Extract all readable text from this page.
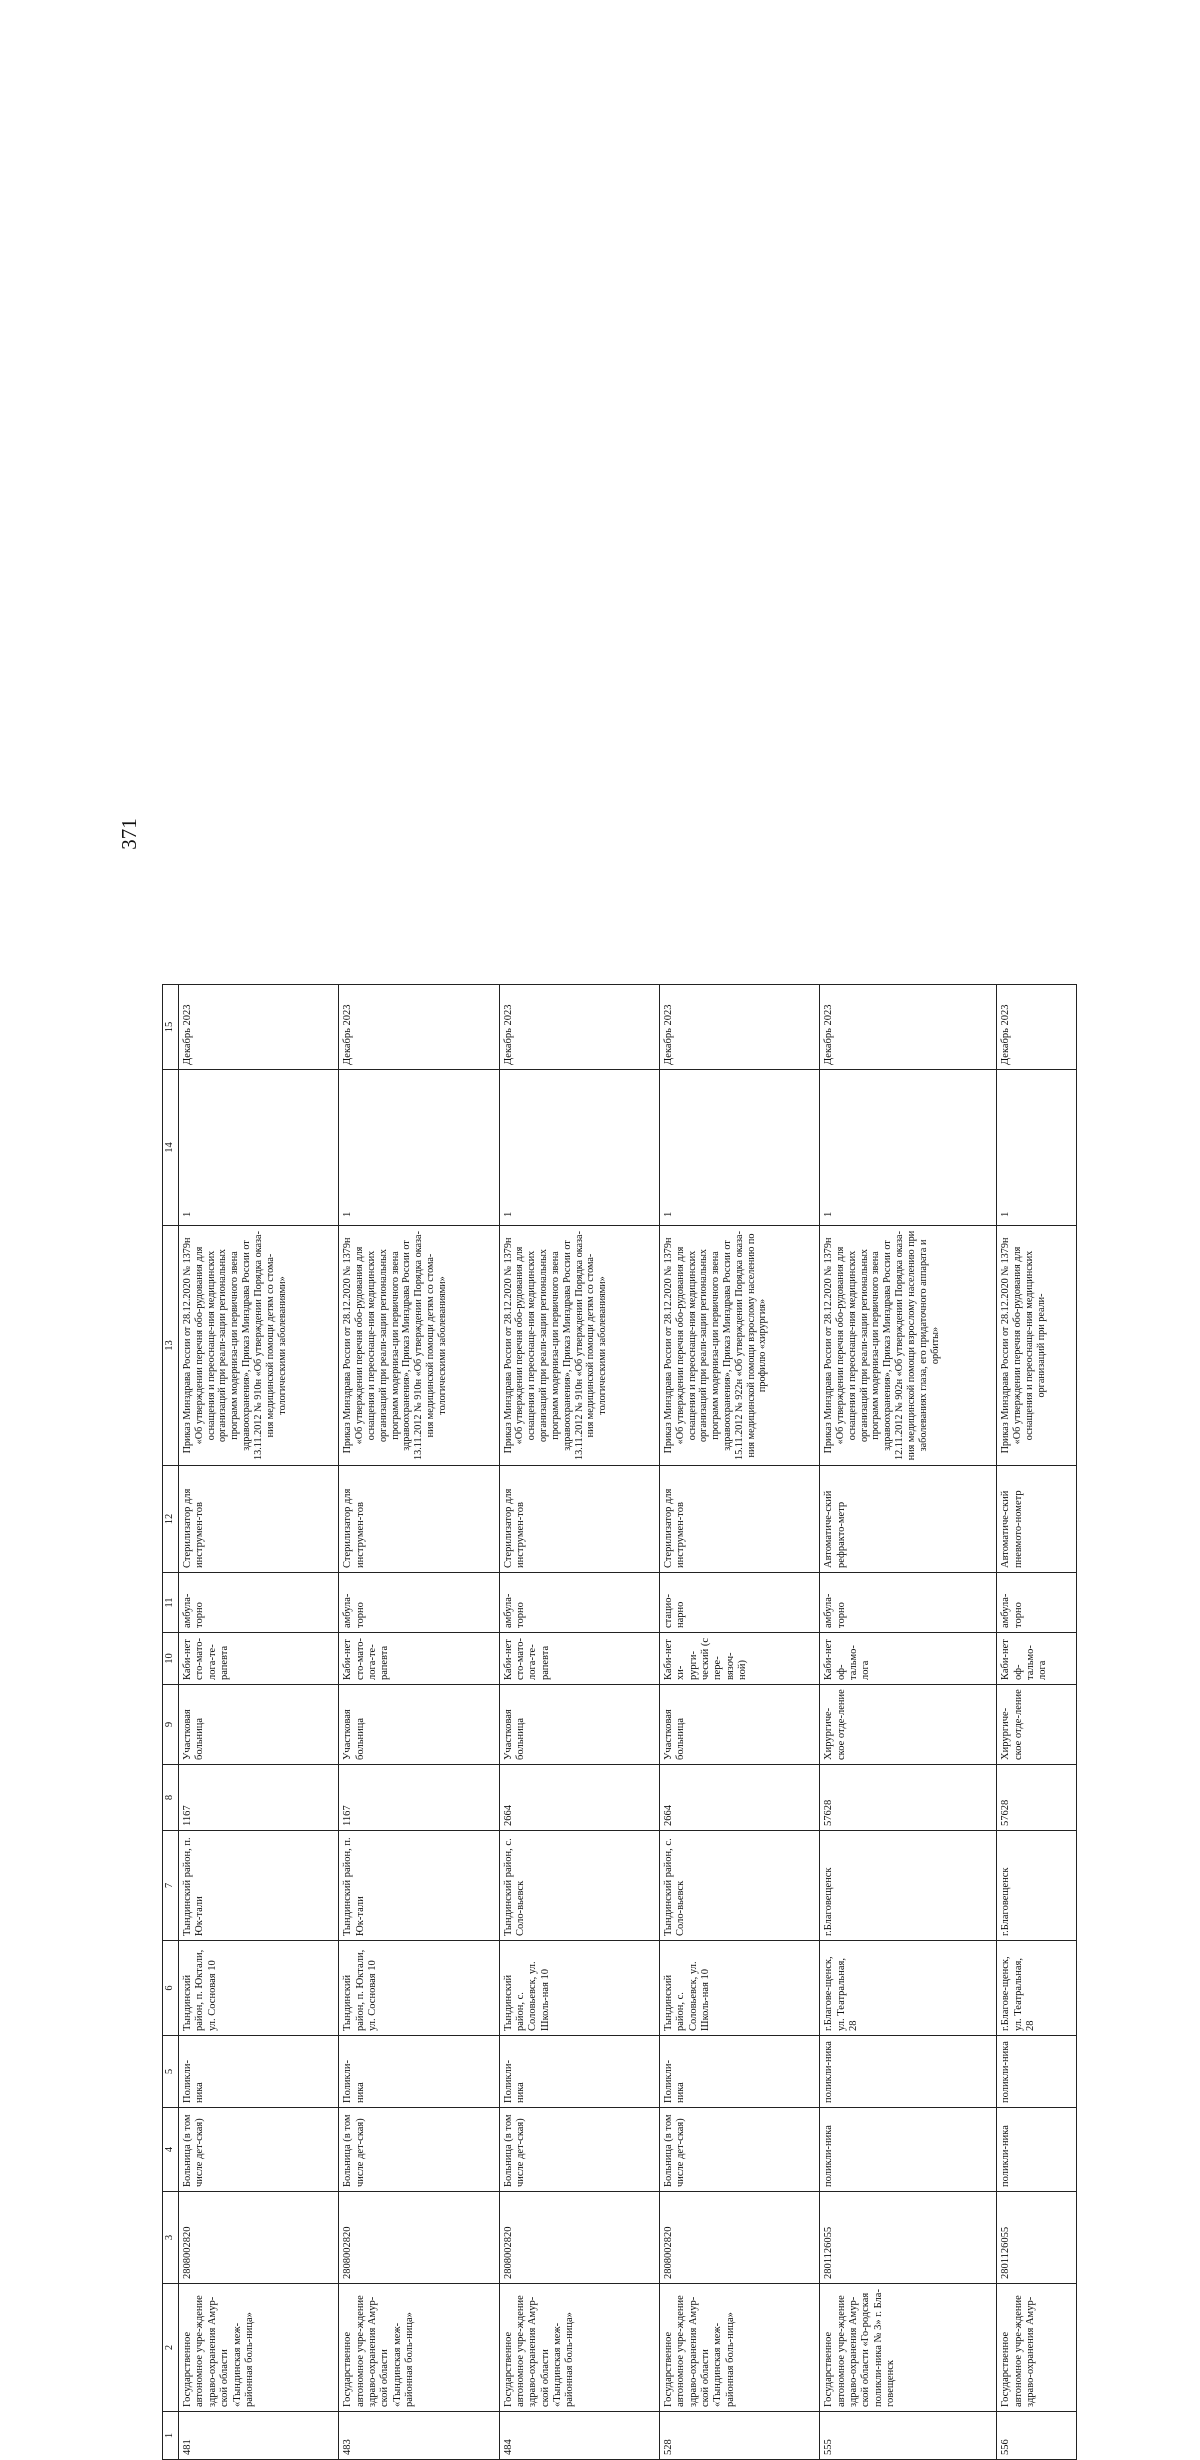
371
1	2	3	4	5	6	7	8	9	10	11	12	13	14	15
481	Государственное автономное учре-ждение здраво-охранения Амур-ской области «Тындинская меж-районная боль-ница»	2808002820	Больница (в том числе дет-ская)	Поликли-ника	Тындинский район, п. Юктали, ул. Сосновая 10	Тындинский район, п. Юк-тали	1167	Участковая больница	Каби-нет сто-мато-лога-те-рапевта	амбула-торно	Стерилизатор для инструмен-тов	Приказ Минздрава России от 28.12.2020 № 1379н «Об утверждении перечня обо-рудования для оснащения и переоснаще-ния медицинских организаций при реали-зации региональных программ модерниза-ции первичного звена здравоохранения», Приказ Минздрава России от 13.11.2012 № 910н «Об утверждении Порядка оказа-ния медицинской помощи детям со стома-тологическими заболеваниями»	1	Декабрь 2023
483	Государственное автономное учре-ждение здраво-охранения Амур-ской области «Тындинская меж-районная боль-ница»	2808002820	Больница (в том числе дет-ская)	Поликли-ника	Тындинский район, п. Юктали, ул. Сосновая 10	Тындинский район, п. Юк-тали	1167	Участковая больница	Каби-нет сто-мато-лога-те-рапевта	амбула-торно	Стерилизатор для инструмен-тов	Приказ Минздрава России от 28.12.2020 № 1379н «Об утверждении перечня обо-рудования для оснащения и переоснаще-ния медицинских организаций при реали-зации региональных программ модерниза-ции первичного звена здравоохранения», Приказ Минздрава России от 13.11.2012 № 910н «Об утверждении Порядка оказа-ния медицинской помощи детям со стома-тологическими заболеваниями»	1	Декабрь 2023
484	Государственное автономное учре-ждение здраво-охранения Амур-ской области «Тындинская меж-районная боль-ница»	2808002820	Больница (в том числе дет-ская)	Поликли-ника	Тындинский район, с. Соловьевск, ул. Школь-ная 10	Тындинский район, с. Соло-вьевск	2664	Участковая больница	Каби-нет сто-мато-лога-те-рапевта	амбула-торно	Стерилизатор для инструмен-тов	Приказ Минздрава России от 28.12.2020 № 1379н «Об утверждении перечня обо-рудования для оснащения и переоснаще-ния медицинских организаций при реали-зации региональных программ модерниза-ции первичного звена здравоохранения», Приказ Минздрава России от 13.11.2012 № 910н «Об утверждении Порядка оказа-ния медицинской помощи детям со стома-тологическими заболеваниями»	1	Декабрь 2023
528	Государственное автономное учре-ждение здраво-охранения Амур-ской области «Тындинская меж-районная боль-ница»	2808002820	Больница (в том числе дет-ская)	Поликли-ника	Тындинский район, с. Соловьевск, ул. Школь-ная 10	Тындинский район, с. Соло-вьевск	2664	Участковая больница	Каби-нет хи-рурги-ческий (с пере-вязоч-ной)	стацио-нарно	Стерилизатор для инструмен-тов	Приказ Минздрава России от 28.12.2020 № 1379н «Об утверждении перечня обо-рудования для оснащения и переоснаще-ния медицинских организаций при реали-зации региональных программ модерниза-ции первичного звена здравоохранения», Приказ Минздрава России от 15.11.2012 № 922н «Об утверждении Порядка оказа-ния медицинской помощи взрослому населению по профилю «хирургия»	1	Декабрь 2023
555	Государственное автономное учре-ждение здраво-охранения Амур-ской области «Го-родская поликли-ника № 3» г. Бла-говещенск	2801126055	поликли-ника	поликли-ника	г.Благове-щенск, ул. Театральная, 28	г.Благовещенск	57628	Хирургиче-ское отде-ление	Каби-нет оф-тальмо-лога	амбула-торно	Автоматиче-ский рефракто-метр	Приказ Минздрава России от 28.12.2020 № 1379н «Об утверждении перечня обо-рудования для оснащения и переоснаще-ния медицинских организаций при реали-зации региональных программ модерниза-ции первичного звена здравоохранения», Приказ Минздрава России от 12.11.2012 № 902н «Об утверждении Порядка оказа-ния медицинской помощи взрослому населению при заболеваниях глаза, его придаточного аппарата и орбиты»	1	Декабрь 2023
556	Государственное автономное учре-ждение здраво-охранения Амур-	2801126055	поликли-ника	поликли-ника	г.Благове-щенск, ул. Театральная, 28	г.Благовещенск	57628	Хирургиче-ское отде-ление	Каби-нет оф-тальмо-лога	амбула-торно	Автоматиче-ский пневмото-нометр	Приказ Минздрава России от 28.12.2020 № 1379н «Об утверждении перечня обо-рудования для оснащения и переоснаще-ния медицинских организаций при реали-	1	Декабрь 2023
